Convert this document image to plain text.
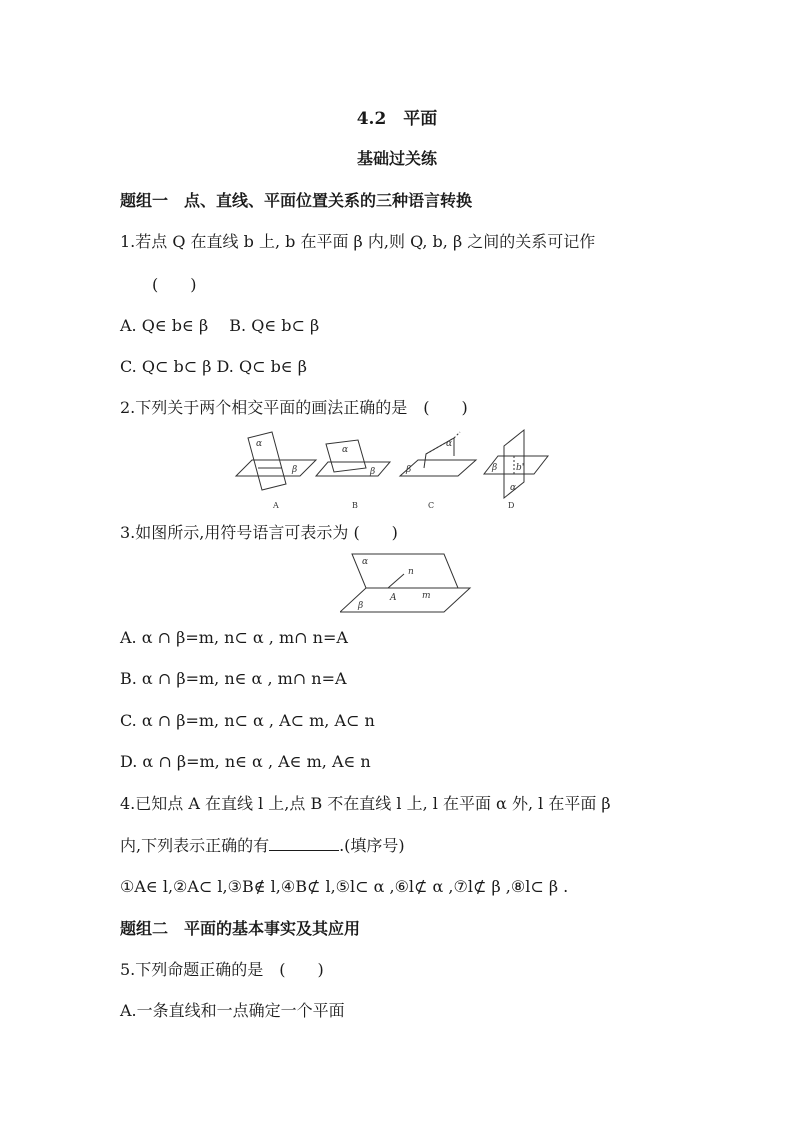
4.2　平面
基础过关练
题组一　点、直线、平面位置关系的三种语言转换
1.若点 Q 在直线 b 上, b 在平面 β 内,则 Q, b, β 之间的关系可记作
(　　)
A. Q∈ b∈ β　 B. Q∈ b⊂ β
C. Q⊂ b⊂ β D. Q⊂ b∈ β
2.下列关于两个相交平面的画法正确的是　(　　)
α
β
α
β
α
β	β b'
α
A	B	C	D
3.如图所示,用符号语言可表示为 (　　)
α
n
A	m
β
A. α ∩ β=m, n⊂ α , m∩ n=A
B. α ∩ β=m, n∈ α , m∩ n=A
C. α ∩ β=m, n⊂ α , A⊂ m, A⊂ n
D. α ∩ β=m, n∈ α , A∈ m, A∈ n
4.已知点 A 在直线 l 上,点 B 不在直线 l 上, l 在平面 α 外, l 在平面 β
内,下列表示正确的有	.(填序号)
①A∈ l,②A⊂ l,③B∉ l,④B⊄ l,⑤l⊂ α ,⑥l⊄ α ,⑦l⊄ β ,⑧l⊂ β .
题组二　平面的基本事实及其应用
5.下列命题正确的是　(　　)
A.一条直线和一点确定一个平面
